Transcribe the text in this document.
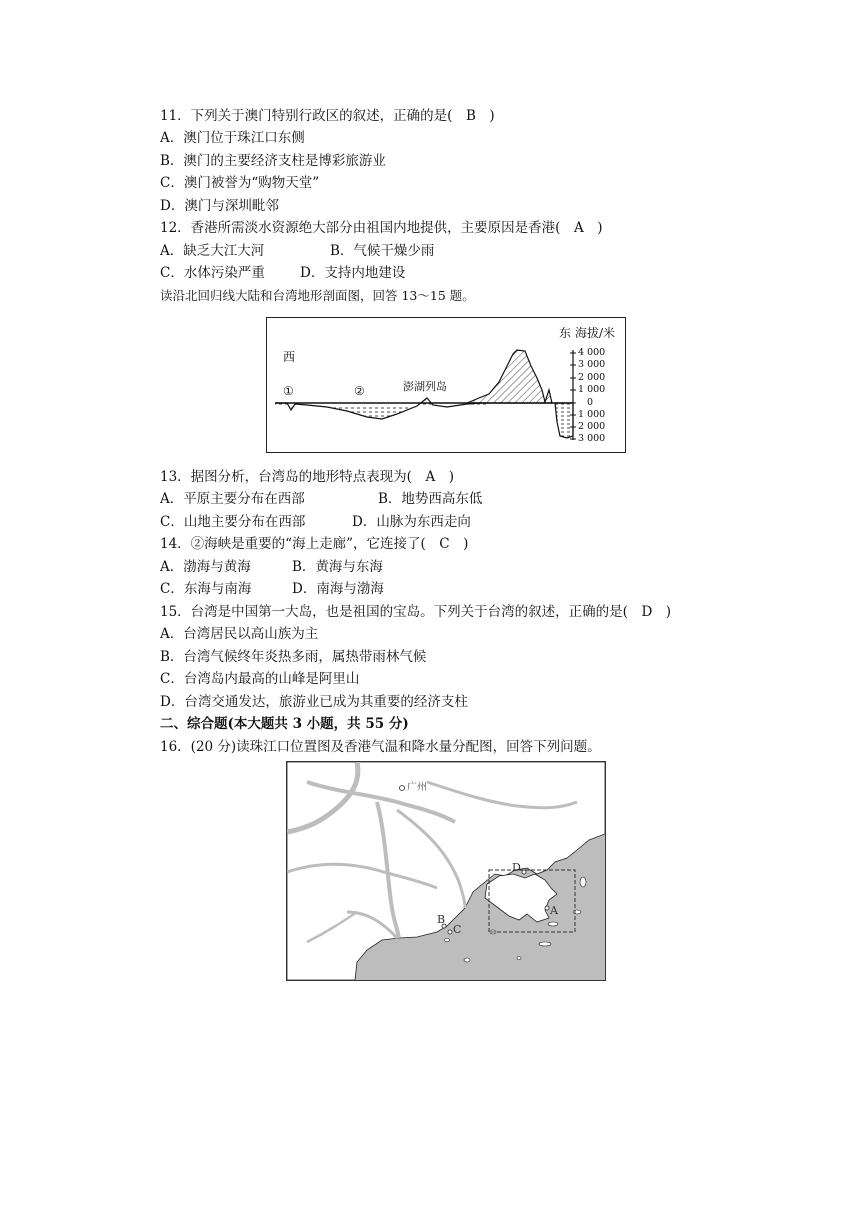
11．下列关于澳门特别行政区的叙述，正确的是(　B　)
A．澳门位于珠江口东侧
B．澳门的主要经济支柱是博彩旅游业
C．澳门被誉为“购物天堂”
D．澳门与深圳毗邻
12．香港所需淡水资源绝大部分由祖国内地提供，主要原因是香港(　A　)
A．缺乏大江大河	B．气候干燥少雨
C．水体污染严重	D．支持内地建设
读沿北回归线大陆和台湾地形剖面图，回答 13～15 题。
西
东 海拔/米
①	②	澎湖列岛
4 000
3 000
2 000
1 000
0
1 000
2 000
3 000
13．据图分析，台湾岛的地形特点表现为(　A　)
A．平原主要分布在西部	B．地势西高东低
C．山地主要分布在西部	D．山脉为东西走向
14．②海峡是重要的“海上走廊”，它连接了(　C　)
A．渤海与黄海	B．黄海与东海
C．东海与南海	D．南海与渤海
15．台湾是中国第一大岛，也是祖国的宝岛。下列关于台湾的叙述，正确的是(　D　)
A．台湾居民以高山族为主
B．台湾气候终年炎热多雨，属热带雨林气候
C．台湾岛内最高的山峰是阿里山
D．台湾交通发达，旅游业已成为其重要的经济支柱
二、综合题(本大题共 3 小题，共 55 分)
16．(20 分)读珠江口位置图及香港气温和降水量分配图，回答下列问题。
广州
A
B
C
D
